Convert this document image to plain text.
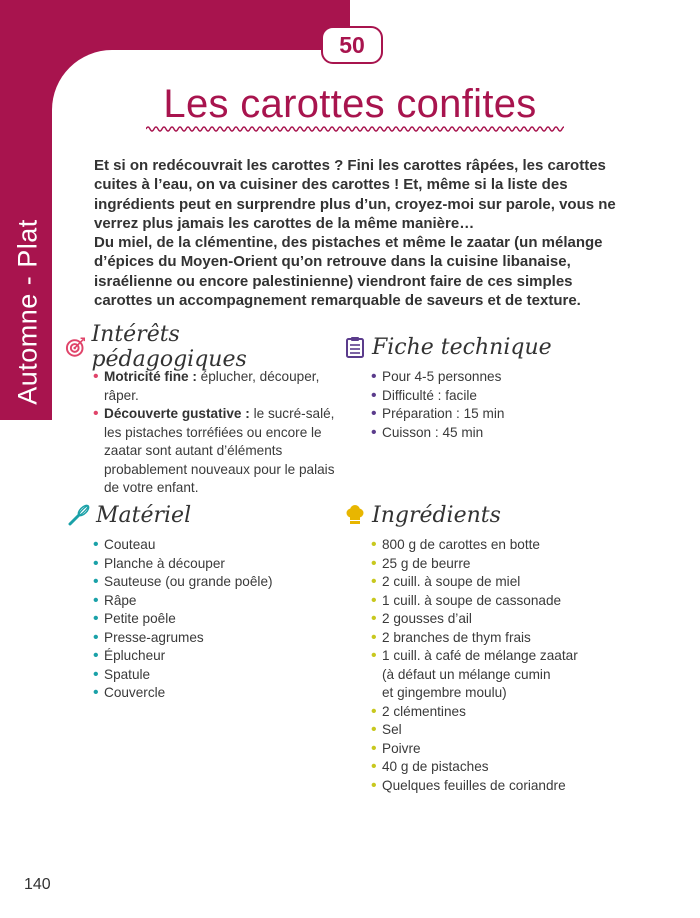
Automne - Plat
50
Les carottes confites

Et si on redécouvrait les carottes ? Fini les carottes râpées, les carottes cuites à l’eau, on va cuisiner des carottes ! Et, même si la liste des ingrédients peut en surprendre plus d’un, croyez-moi sur parole, vous ne verrez plus jamais les carottes de la même manière…
Du miel, de la clémentine, des pistaches et même le zaatar (un mélange d’épices du Moyen-Orient qu’on retrouve dans la cuisine libanaise, israélienne ou encore palestinienne) viendront faire de ces simples carottes un accompagnement remarquable de saveurs et de texture.

Intérêts pédagogiques
• Motricité fine : éplucher, découper, râper.
• Découverte gustative : le sucré-salé, les pistaches torréfiées ou encore le zaatar sont autant d’éléments probablement nouveaux pour le palais de votre enfant.
Fiche technique
• Pour 4-5 personnes
• Difficulté : facile
• Préparation : 15 min
• Cuisson : 45 min
Matériel
• Couteau
• Planche à découper
• Sauteuse (ou grande poêle)
• Râpe
• Petite poêle
• Presse-agrumes
• Éplucheur
• Spatule
• Couvercle
Ingrédients
• 800 g de carottes en botte
• 25 g de beurre
• 2 cuill. à soupe de miel
• 1 cuill. à soupe de cassonade
• 2 gousses d’ail
• 2 branches de thym frais
• 1 cuill. à café de mélange zaatar
(à défaut un mélange cumin
et gingembre moulu)
• 2 clémentines
• Sel
• Poivre
• 40 g de pistaches
• Quelques feuilles de coriandre
140
